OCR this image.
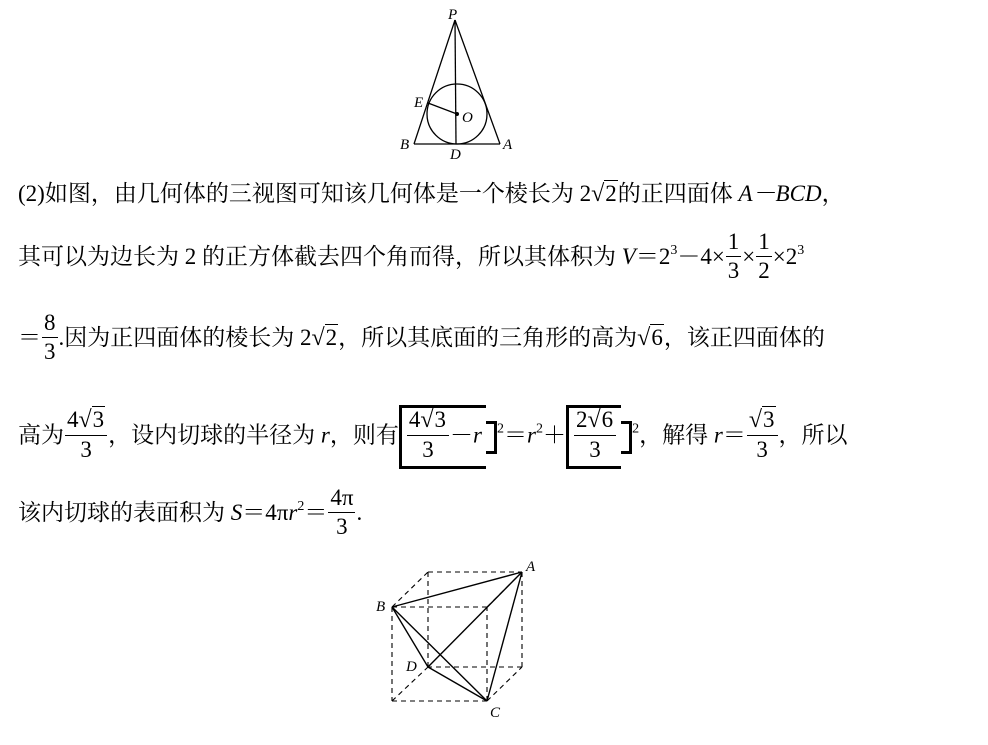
P
E
O
B
D
A
(2)如图，由几何体的三视图可知该几何体是一个棱长为 2√2的正四面体 A－BCD，
其可以为边长为 2 的正方体截去四个角而得，所以其体积为 $V=2^3-4\times \frac{1}{3} \times \frac{1}{2} \times 2^3$
＝ $\frac{8}{3}$ .因为正四面体的棱长为 2√2，所以其底面的三角形的高为√6，该正四面体的
高为 $\frac{4√3}{3}$ ，设内切球的半径为 r，则有 $\frac{4√3}{3} -r$ $^2=r^2+ \frac{2√6}{3} ^2$，解得 $r= \frac{√3}{3}$ ，所以
该内切球的表面积为 $S=4\pi r^2= \frac{4\pi}{3}$ .
A
B
C
D
